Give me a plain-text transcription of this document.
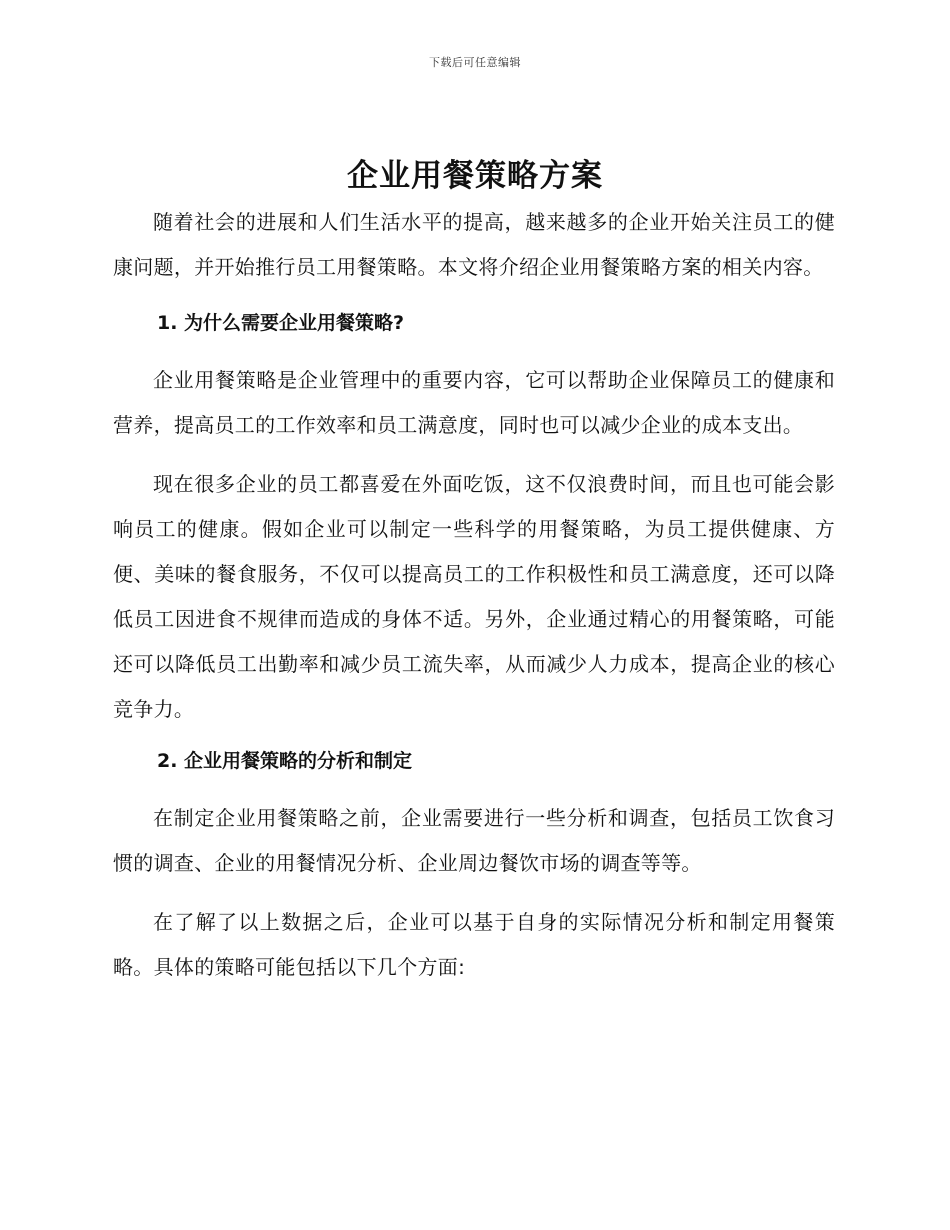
下载后可任意编辑
企业用餐策略方案

随着社会的进展和人们生活水平的提高，越来越多的企业开始关注员工的健康问题，并开始推行员工用餐策略。本文将介绍企业用餐策略方案的相关内容。

1. 为什么需要企业用餐策略?

企业用餐策略是企业管理中的重要内容，它可以帮助企业保障员工的健康和营养，提高员工的工作效率和员工满意度，同时也可以减少企业的成本支出。

现在很多企业的员工都喜爱在外面吃饭，这不仅浪费时间，而且也可能会影响员工的健康。假如企业可以制定一些科学的用餐策略，为员工提供健康、方便、美味的餐食服务，不仅可以提高员工的工作积极性和员工满意度，还可以降低员工因进食不规律而造成的身体不适。另外，企业通过精心的用餐策略，可能还可以降低员工出勤率和减少员工流失率，从而减少人力成本，提高企业的核心竞争力。

2. 企业用餐策略的分析和制定

在制定企业用餐策略之前，企业需要进行一些分析和调查，包括员工饮食习惯的调查、企业的用餐情况分析、企业周边餐饮市场的调查等等。

在了解了以上数据之后，企业可以基于自身的实际情况分析和制定用餐策略。具体的策略可能包括以下几个方面:
